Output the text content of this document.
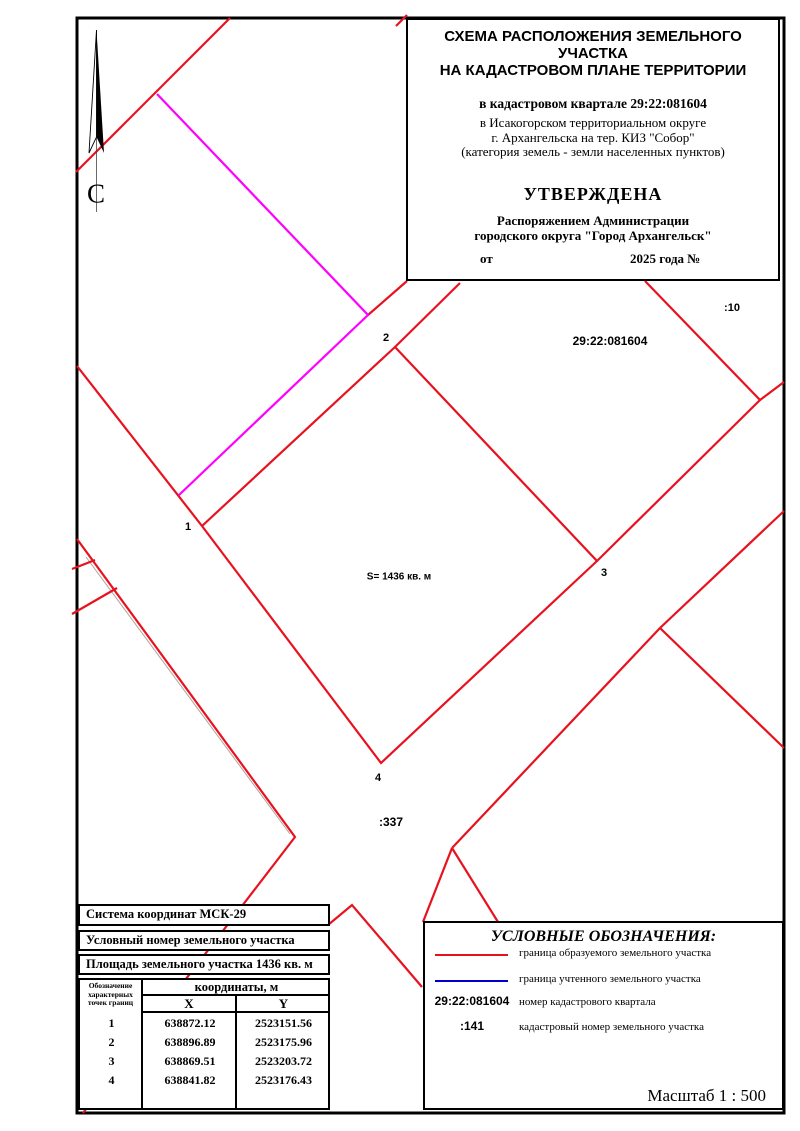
С
2
1
3
4
S= 1436 кв. м
29:22:081604
:10
:337
СХЕМА РАСПОЛОЖЕНИЯ ЗЕМЕЛЬНОГО УЧАСТКА
НА КАДАСТРОВОМ ПЛАНЕ ТЕРРИТОРИИ
в кадастровом квартале 29:22:081604
в Исакогорском территориальном округе
г. Архангельска на тер. КИЗ "Собор"
(категория земель - земли населенных пунктов)
УТВЕРЖДЕНА
Распоряжением Администрации
городского округа "Город Архангельск"
от	2025 года №
Система координат МСК-29
Условный номер земельного участка
Площадь земельного участка 1436 кв. м
Обозначение
характерных
точек границ
координаты, м
X	Y
1	638872.12	2523151.56
2	638896.89	2523175.96
3	638869.51	2523203.72
4	638841.82	2523176.43
УСЛОВНЫЕ ОБОЗНАЧЕНИЯ:
граница образуемого земельного участка
граница учтенного земельного участка
29:22:081604 номер кадастрового квартала
:141	кадастровый номер земельного участка
Масштаб 1 : 500
